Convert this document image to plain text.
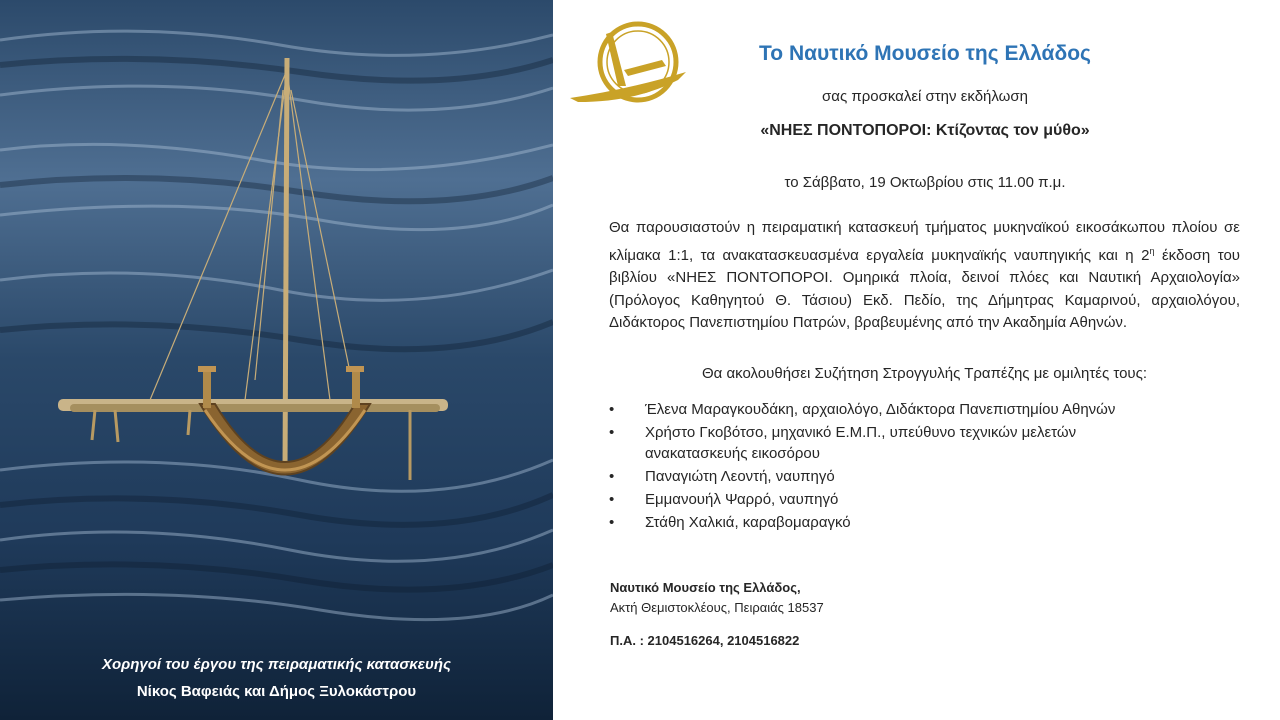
Χορηγοί του έργου της πειραματικής κατασκευής
Νίκος Βαφειάς και Δήμος Ξυλοκάστρου
Το Ναυτικό Μουσείο της Ελλάδος
σας προσκαλεί στην εκδήλωση
«ΝΗΕΣ ΠΟΝΤΟΠΟΡΟΙ: Κτίζοντας τον μύθο»
το Σάββατο, 19 Οκτωβρίου στις 11.00 π.μ.
Θα παρουσιαστούν η πειραματική κατασκευή τμήματος μυκηναϊκού εικοσάκωπου πλοίου σε κλίμακα 1:1, τα ανακατασκευασμένα εργαλεία μυκηναϊκής ναυπηγικής και η $2^\eta$ έκδοση του βιβλίου «ΝΗΕΣ ΠΟΝΤΟΠΟΡΟΙ. Ομηρικά πλοία, δεινοί πλόες και Ναυτική Αρχαιολογία» (Πρόλογος Καθηγητού Θ. Τάσιου) Εκδ. Πεδίο, της Δήμητρας Καμαρινού, αρχαιολόγου, Διδάκτορος Πανεπιστημίου Πατρών, βραβευμένης από την Ακαδημία Αθηνών.
Θα ακολουθήσει Συζήτηση Στρογγυλής Τραπέζης με ομιλητές τους:
• Έλενα Μαραγκουδάκη, αρχαιολόγο, Διδάκτορα Πανεπιστημίου Αθηνών
• Χρήστο Γκοβότσο, μηχανικό Ε.Μ.Π., υπεύθυνο τεχνικών μελετών ανακατασκευής εικοσόρου
• Παναγιώτη Λεοντή, ναυπηγό
• Εμμανουήλ Ψαρρό, ναυπηγό
• Στάθη Χαλκιά, καραβομαραγκό
Ναυτικό Μουσείο της Ελλάδος,
Ακτή Θεμιστοκλέους, Πειραιάς 18537
Π.Α. : 2104516264, 2104516822
